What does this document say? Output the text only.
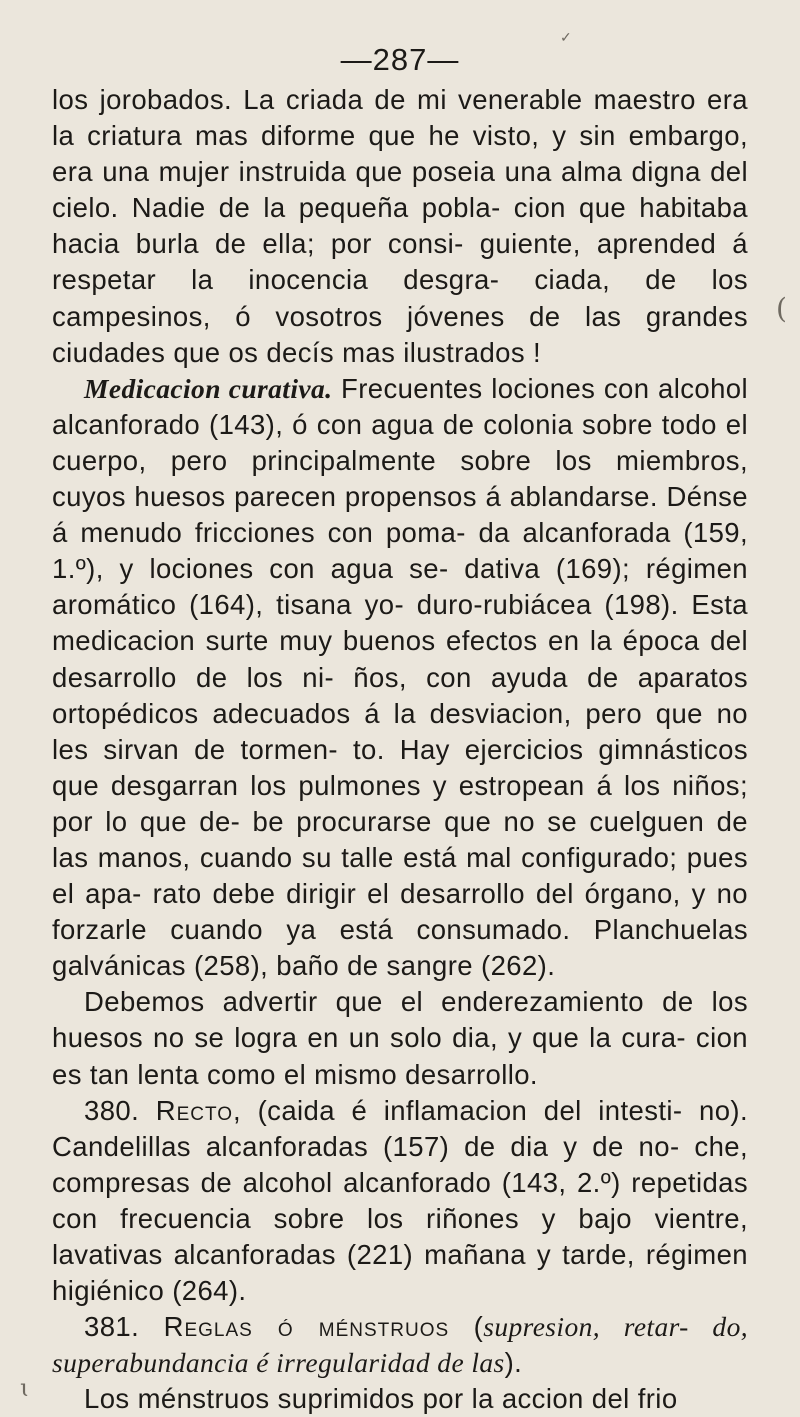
—287—
✓
(
ɩ

los jorobados. La criada de mi venerable maestro era la criatura mas diforme que he visto, y sin embargo, era una mujer instruida que poseia una alma digna del cielo. Nadie de la pequeña pobla- cion que habitaba hacia burla de ella; por consi- guiente, aprended á respetar la inocencia desgra- ciada, de los campesinos, ó vosotros jóvenes de las grandes ciudades que os decís mas ilustrados !

Medicacion curativa. Frecuentes lociones con alcohol alcanforado (143), ó con agua de colonia sobre todo el cuerpo, pero principalmente sobre los miembros, cuyos huesos parecen propensos á ablandarse. Dénse á menudo fricciones con poma- da alcanforada (159, 1.º), y lociones con agua se- dativa (169); régimen aromático (164), tisana yo- duro-rubiácea (198). Esta medicacion surte muy buenos efectos en la época del desarrollo de los ni- ños, con ayuda de aparatos ortopédicos adecuados á la desviacion, pero que no les sirvan de tormen- to. Hay ejercicios gimnásticos que desgarran los pulmones y estropean á los niños; por lo que de- be procurarse que no se cuelguen de las manos, cuando su talle está mal configurado; pues el apa- rato debe dirigir el desarrollo del órgano, y no forzarle cuando ya está consumado. Planchuelas galvánicas (258), baño de sangre (262).

Debemos advertir que el enderezamiento de los huesos no se logra en un solo dia, y que la cura- cion es tan lenta como el mismo desarrollo.

380. Recto, (caida é inflamacion del intesti- no). Candelillas alcanforadas (157) de dia y de no- che, compresas de alcohol alcanforado (143, 2.º) repetidas con frecuencia sobre los riñones y bajo vientre, lavativas alcanforadas (221) mañana y tarde, régimen higiénico (264).

381. Reglas ó ménstruos (supresion, retar- do, superabundancia é irregularidad de las).

Los ménstruos suprimidos por la accion del frio
